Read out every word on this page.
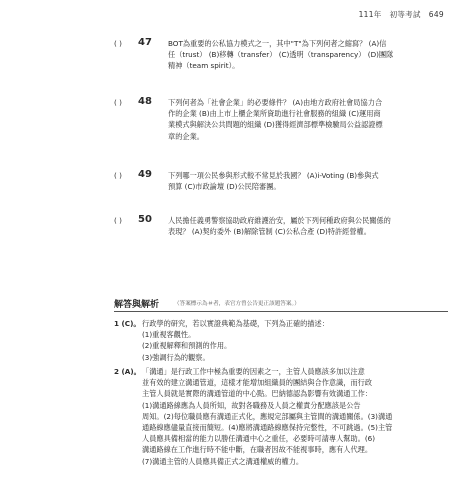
111年 初等考試 649
( ) 47 BOT為重要的公私協力模式之一，其中"T"為下列何者之縮寫？ (A)信
任（trust） (B)移轉（transfer） (C)透明（transparency） (D)團隊
精神（team spirit）。
( ) 48 下列何者為「社會企業」的必要條件？ (A)由地方政府社會局協力合
作的企業 (B)由上市上櫃企業所資助進行社會服務的組織 (C)運用商
業模式與解決公共問題的組織 (D)獲得經濟部標準檢驗局公益認證標
章的企業。
( ) 49 下列哪一項公民參與形式較不常見於我國？ (A)i-Voting (B)參與式
預算 (C)市政論壇 (D)公民陪審團。
( ) 50 人民擔任義勇警察協助政府維護治安，屬於下列何種政府與公民關係的
表現？ (A)契約委外 (B)解除管制 (C)公私合產 (D)特許經營權。
解答與解析	（答案標示為＃者，表官方曾公告更正該題答案。）
1 (C)。 行政學的研究，若以實證典範為基礎，下列為正確的描述：
(1)重視客觀性。
(2)重視解釋和預測的作用。
(3)強調行為的觀察。
2 (A)。 「溝通」是行政工作中極為重要的因素之一，主管人員應該多加以注意
並有效的建立溝通管道，這樣才能增加組織員的團結與合作意識，而行政
主管人員就是實際的溝通管道的中心點。巴納德認為影響有效溝通工作：
(1)溝通路線應為人員所知，故對各職務及人員之權責分配應該是公告
周知。(2)每位職員應有溝通正式化，應規定部屬與主管間的溝通關係。(3)溝通
通路線應儘量直接而簡短。(4)應將溝通路線應保持完整性，不可跳過。(5)主管
人員應具備相當的能力以勝任溝通中心之重任，必要時可請專人幫助。(6)
溝通路線在工作進行時不能中斷，在職者因故不能視事時，應有人代理。
(7)溝通主管的人員應具備正式之溝通權威的權力。
